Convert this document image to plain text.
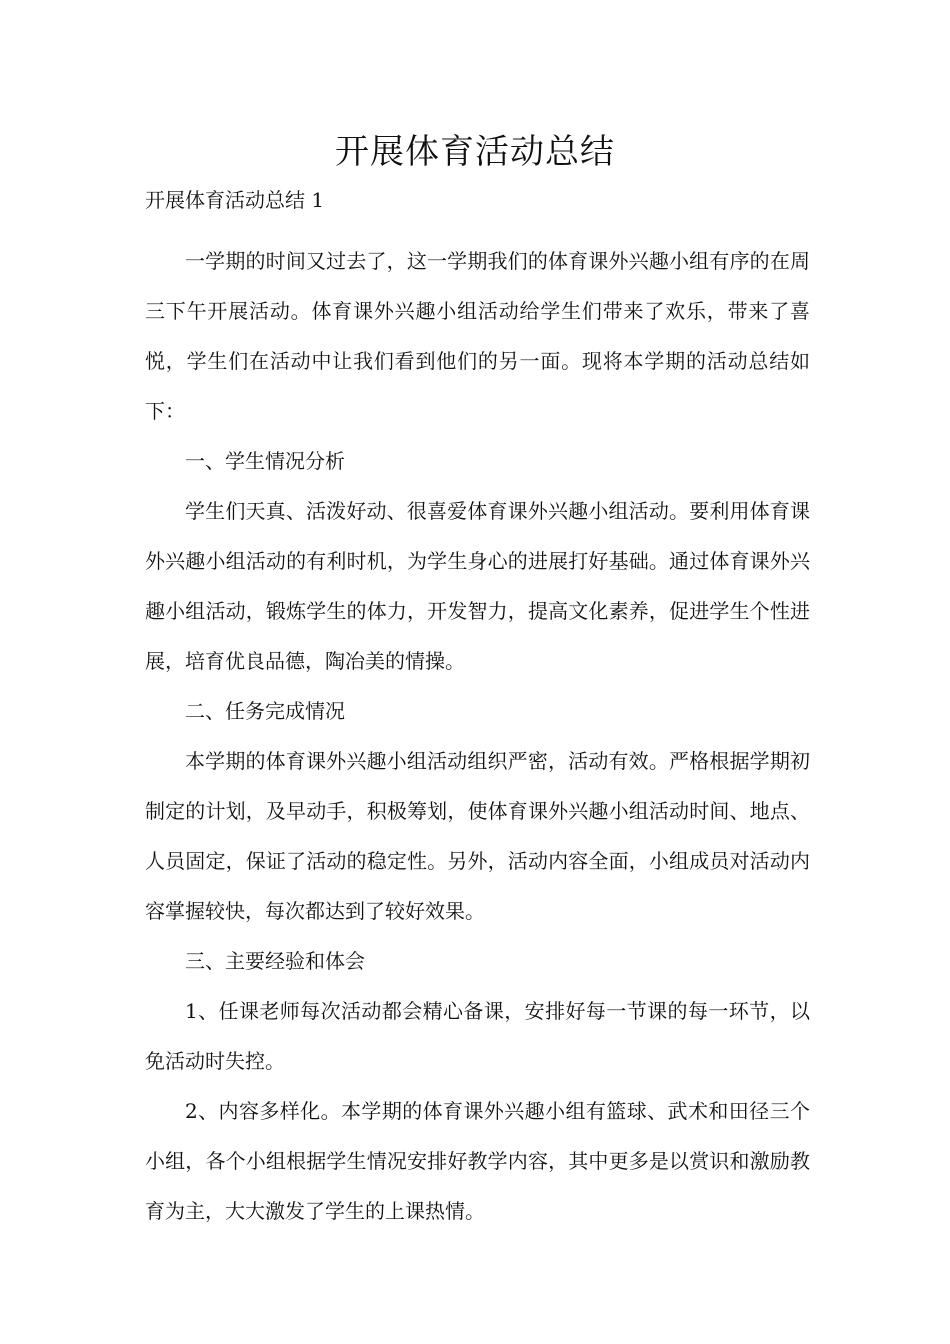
开展体育活动总结
开展体育活动总结 1

一学期的时间又过去了，这一学期我们的体育课外兴趣小组有序的在周三下午开展活动。体育课外兴趣小组活动给学生们带来了欢乐，带来了喜悦，学生们在活动中让我们看到他们的另一面。现将本学期的活动总结如下：

一、学生情况分析

学生们天真、活泼好动、很喜爱体育课外兴趣小组活动。要利用体育课外兴趣小组活动的有利时机，为学生身心的进展打好基础。通过体育课外兴趣小组活动，锻炼学生的体力，开发智力，提高文化素养，促进学生个性进展，培育优良品德，陶冶美的情操。

二、任务完成情况

本学期的体育课外兴趣小组活动组织严密，活动有效。严格根据学期初制定的计划，及早动手，积极筹划，使体育课外兴趣小组活动时间、地点、人员固定，保证了活动的稳定性。另外，活动内容全面，小组成员对活动内容掌握较快，每次都达到了较好效果。

三、主要经验和体会

1、任课老师每次活动都会精心备课，安排好每一节课的每一环节，以免活动时失控。

2、内容多样化。本学期的体育课外兴趣小组有篮球、武术和田径三个小组，各个小组根据学生情况安排好教学内容，其中更多是以赏识和激励教育为主，大大激发了学生的上课热情。
